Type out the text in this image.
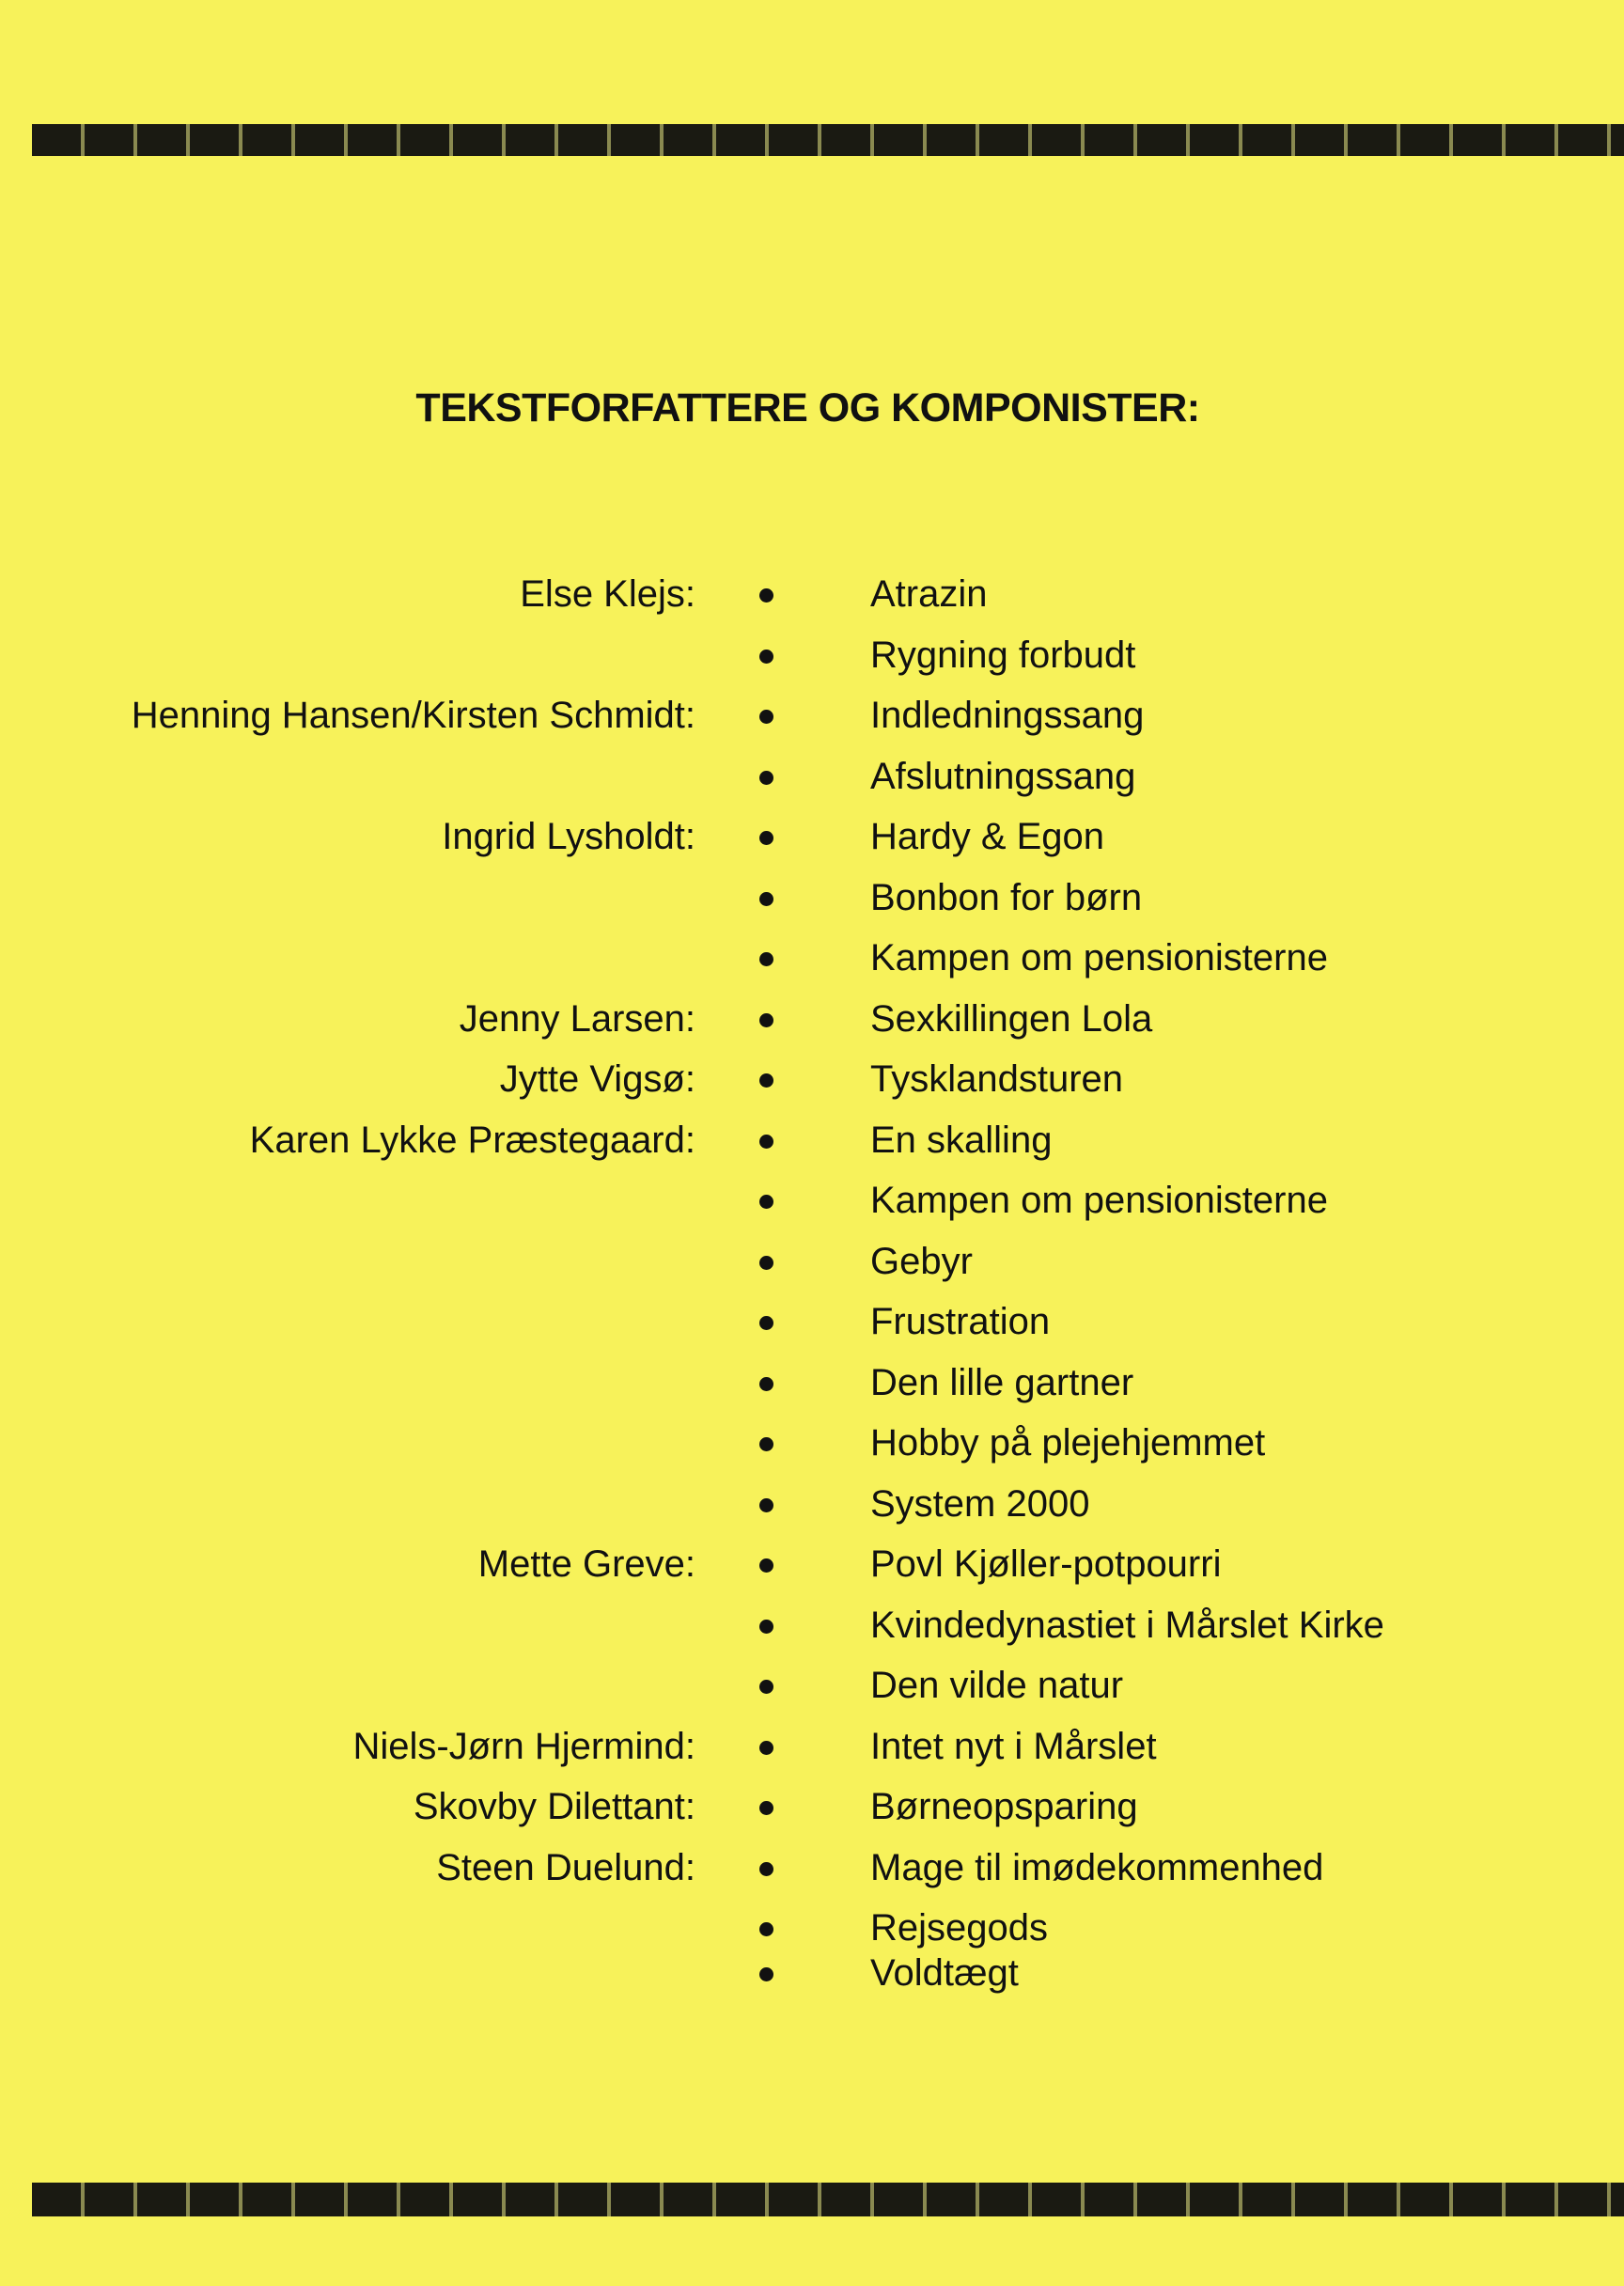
TEKSTFORFATTERE OG KOMPONISTER:
Else Klejs:	Atrazin
Rygning forbudt
Henning Hansen/Kirsten Schmidt:	Indledningssang
Afslutningssang
Ingrid Lysholdt:	Hardy & Egon
Bonbon for børn
Kampen om pensionisterne
Jenny Larsen:	Sexkillingen Lola
Jytte Vigsø:	Tysklandsturen
Karen Lykke Præstegaard:	En skalling
Kampen om pensionisterne
Gebyr
Frustration
Den lille gartner
Hobby på plejehjemmet
System 2000
Mette Greve:	Povl Kjøller-potpourri
Kvindedynastiet i Mårslet Kirke
Den vilde natur
Niels-Jørn Hjermind:	Intet nyt i Mårslet
Skovby Dilettant:	Børneopsparing
Steen Duelund:	Mage til imødekommenhed
Rejsegods
Voldtægt
